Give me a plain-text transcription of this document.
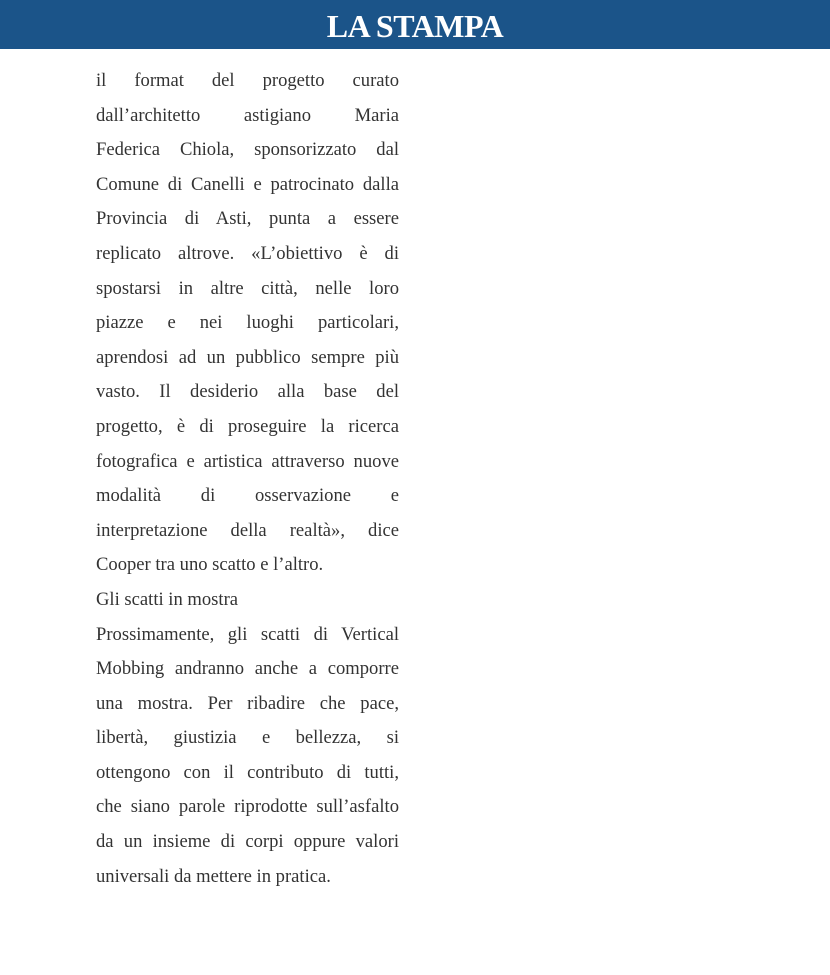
LA STAMPA
il format del progetto curato
dall’architetto astigiano Maria
Federica Chiola, sponsorizzato dal
Comune di Canelli e patrocinato dalla
Provincia di Asti, punta a essere
replicato altrove. «L’obiettivo è di
spostarsi in altre città, nelle loro
piazze e nei luoghi particolari,
aprendosi ad un pubblico sempre più
vasto. Il desiderio alla base del
progetto, è di proseguire la ricerca
fotografica e artistica attraverso nuove
modalità di osservazione e
interpretazione della realtà», dice
Cooper tra uno scatto e l’altro.
Gli scatti in mostra
Prossimamente, gli scatti di Vertical
Mobbing andranno anche a comporre
una mostra. Per ribadire che pace,
libertà, giustizia e bellezza, si
ottengono con il contributo di tutti,
che siano parole riprodotte sull’asfalto
da un insieme di corpi oppure valori
universali da mettere in pratica.
